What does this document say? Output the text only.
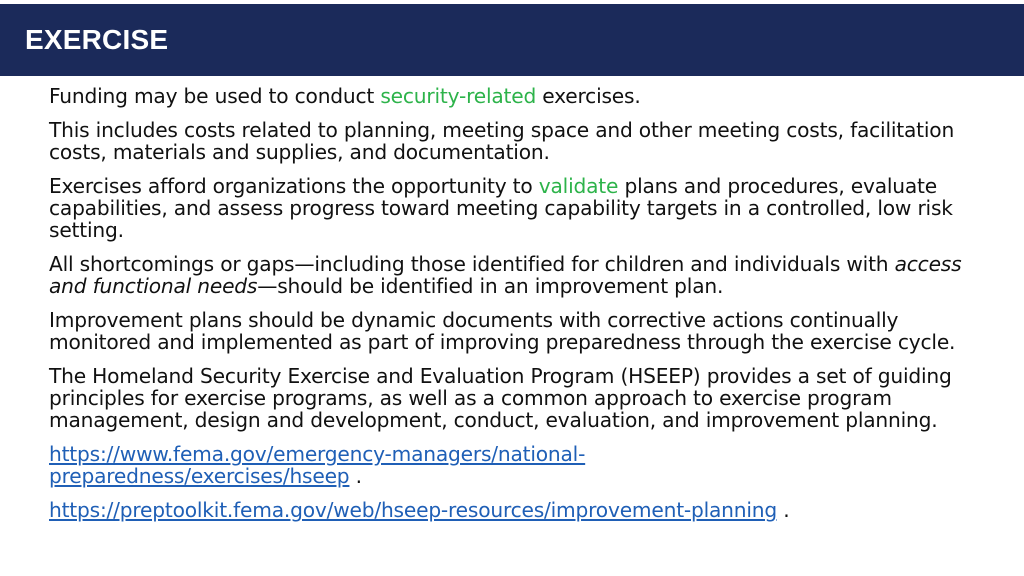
EXERCISE

Funding may be used to conduct security-related exercises.

This includes costs related to planning, meeting space and other meeting costs, facilitation costs, materials and supplies, and documentation.

Exercises afford organizations the opportunity to validate plans and procedures, evaluate capabilities, and assess progress toward meeting capability targets in a controlled, low risk setting.

All shortcomings or gaps—including those identified for children and individuals with access and functional needs—should be identified in an improvement plan.

Improvement plans should be dynamic documents with corrective actions continually monitored and implemented as part of improving preparedness through the exercise cycle.

The Homeland Security Exercise and Evaluation Program (HSEEP) provides a set of guiding principles for exercise programs, as well as a common approach to exercise program management, design and development, conduct, evaluation, and improvement planning.

https://www.fema.gov/emergency-managers/national-
preparedness/exercises/hseep .

https://preptoolkit.fema.gov/web/hseep-resources/improvement-planning .
